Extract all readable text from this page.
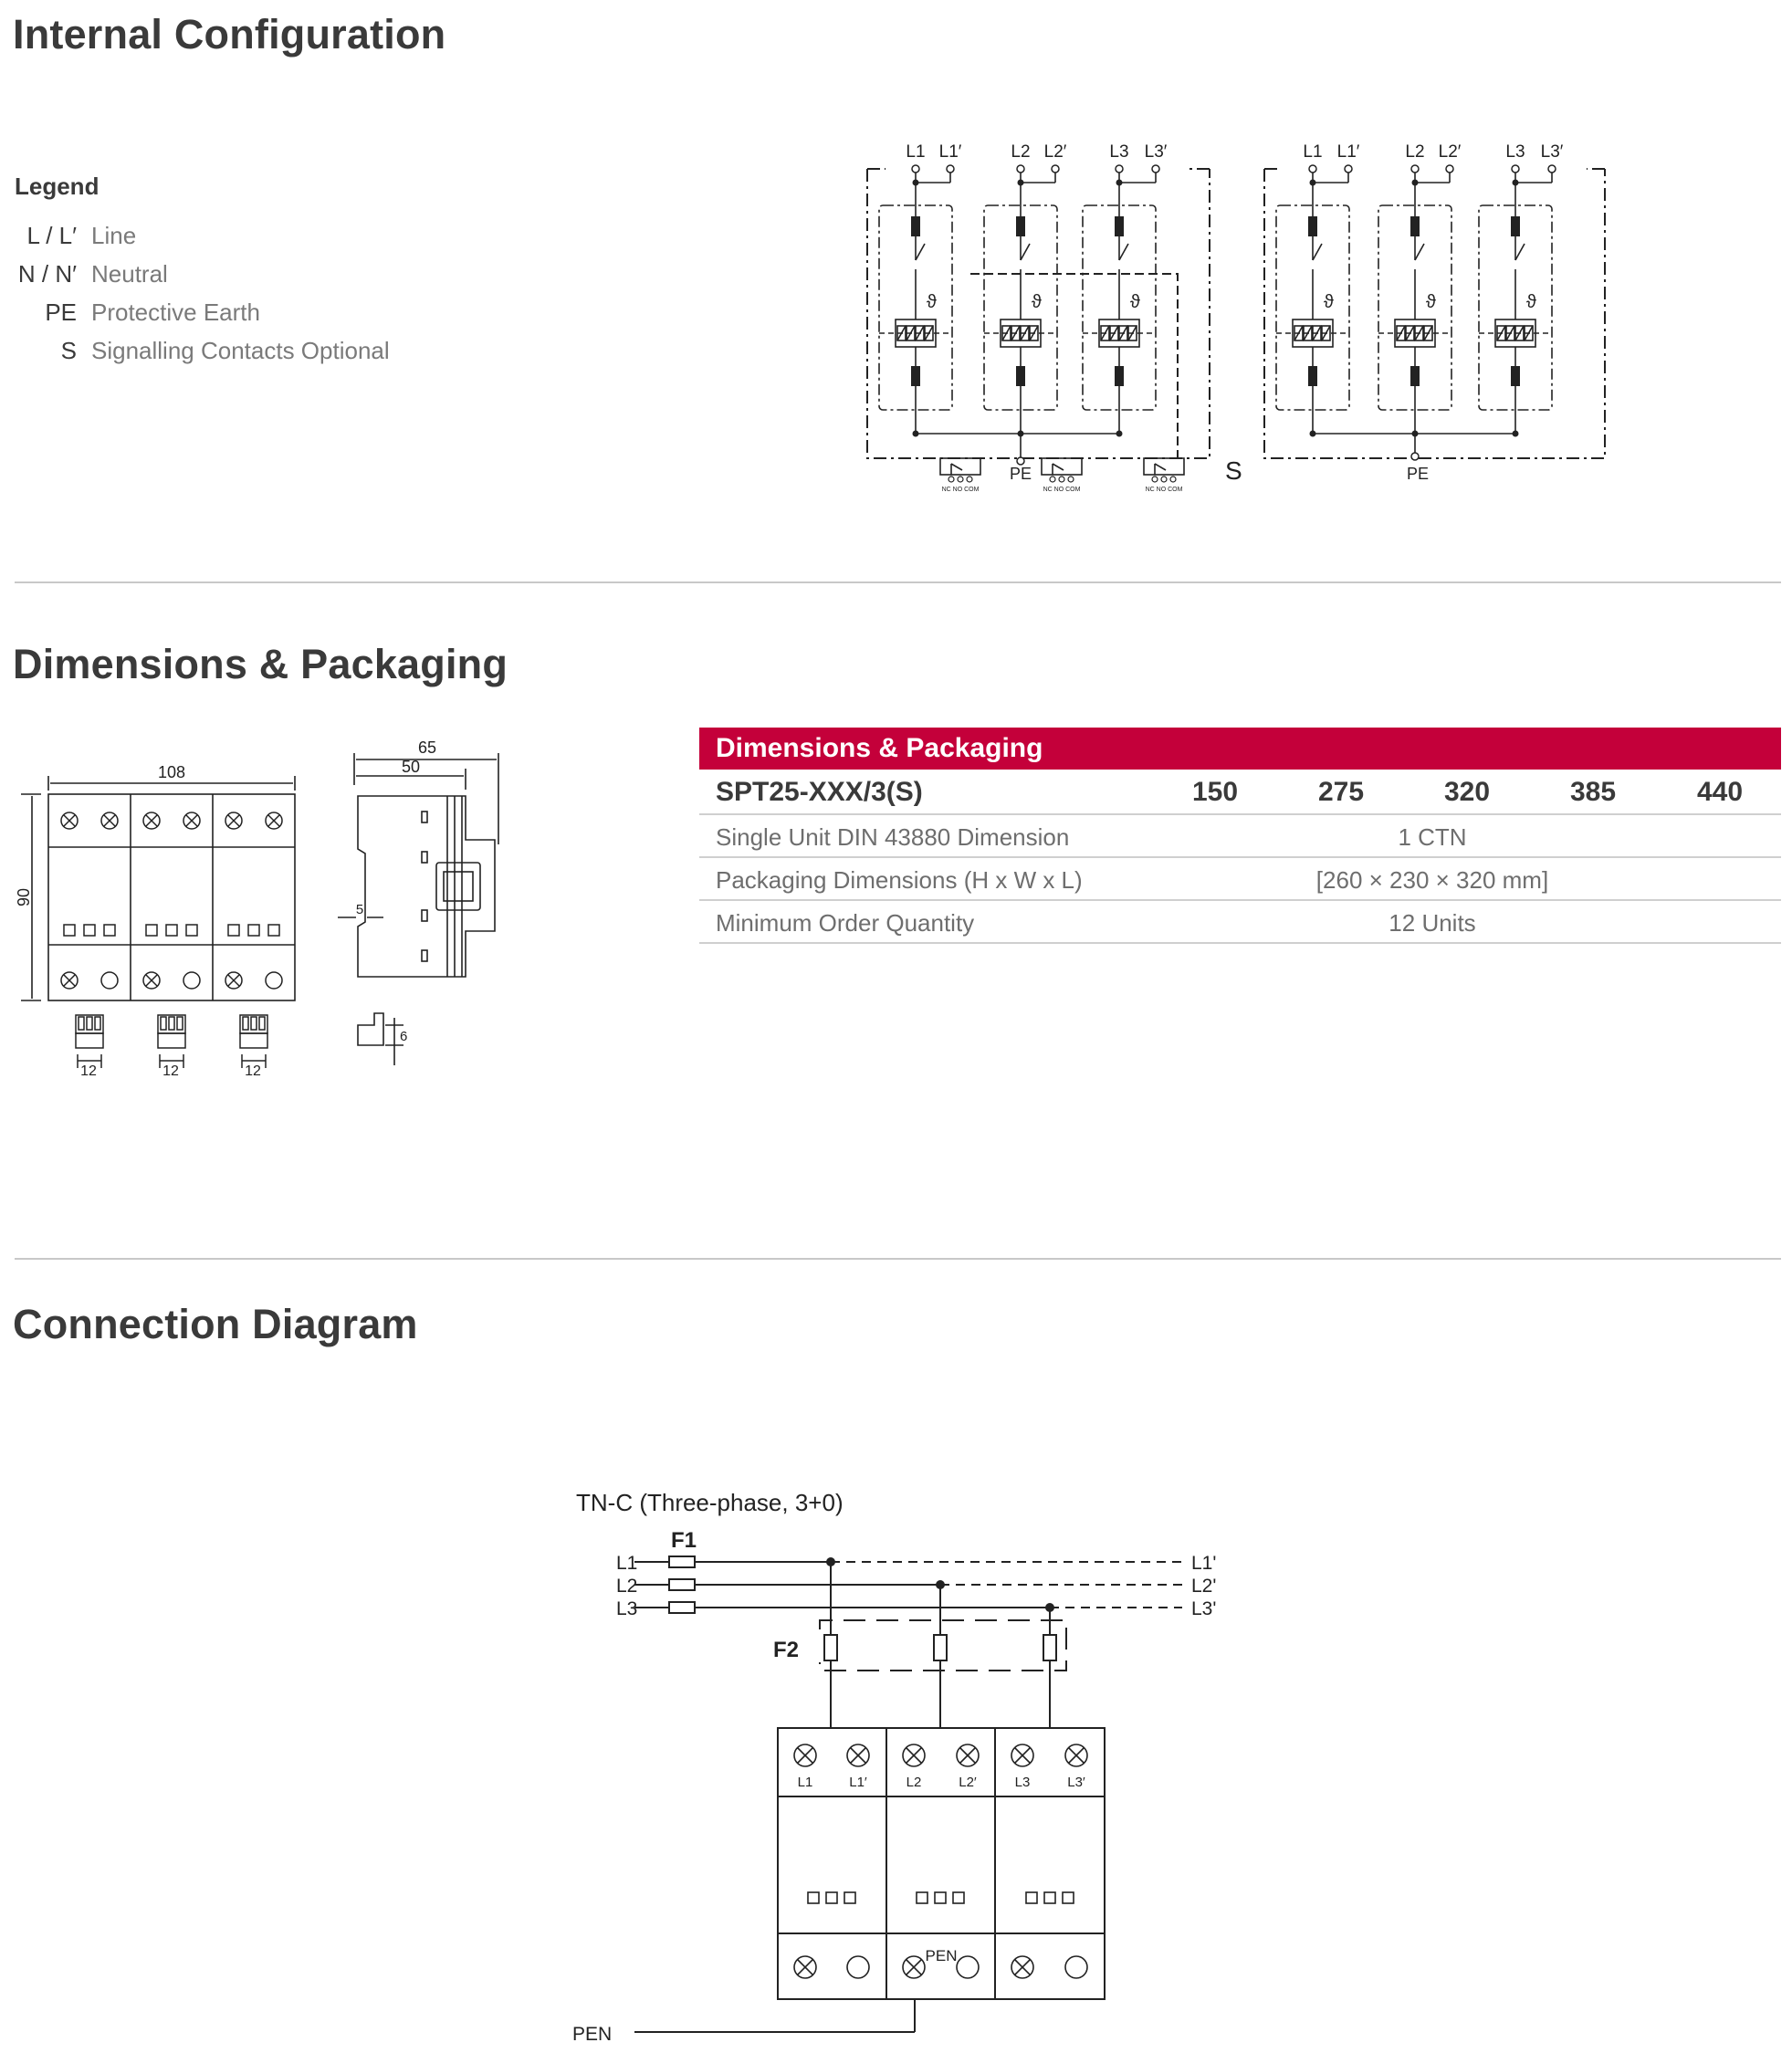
Internal Configuration
Legend
L / L′ Line
N / N′ Neutral
PE Protective Earth
S Signalling Contacts Optional
ϑ	ϑ	ϑ	ϑ	ϑ	ϑ
L1 L1′	L2 L2′ L3 L3′	L1 L1′	L2 L2′	L3 L3′
PE	PE
S
NC NO COM	NC NO COM	NC NO COM
Dimensions & Packaging
108
90
12	12	12
65
50
5
6
Dimensions & Packaging
SPT25-XXX/3(S)	150	275	320	385	440
Single Unit DIN 43880 Dimension	1 CTN
Packaging Dimensions (H x W x L)	[260 × 230 × 320 mm]
Minimum Order Quantity	12 Units
Connection Diagram
TN-C (Three-phase, 3+0)
F1
F2
L1
L2
L3
L1'
L2'
L3'
L1	L1′	L2	L2′	L3	L3′
PEN
PEN
